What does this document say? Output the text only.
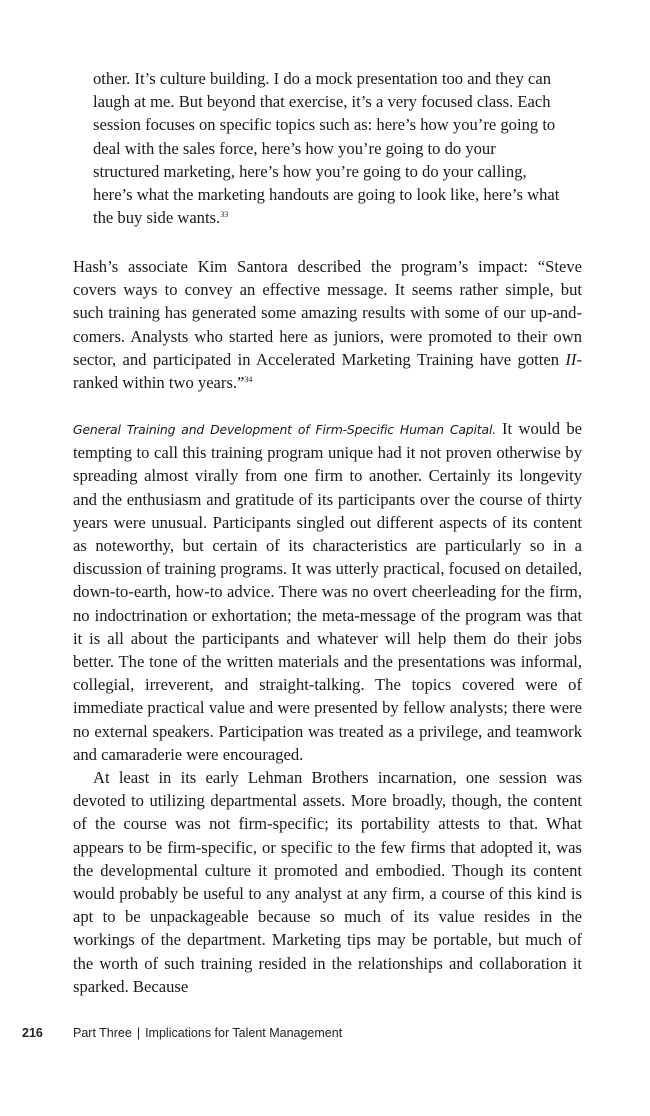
other. It’s culture building. I do a mock presentation too and they can laugh at me. But beyond that exercise, it’s a very focused class. Each session focuses on specific topics such as: here’s how you’re going to deal with the sales force, here’s how you’re going to do your structured marketing, here’s how you’re going to do your calling, here’s what the marketing handouts are going to look like, here’s what the buy side wants.$^{33}$

Hash’s associate Kim Santora described the program’s impact: “Steve covers ways to convey an effective message. It seems rather simple, but such training has generated some amazing results with some of our up-and-comers. Analysts who started here as juniors, were promoted to their own sector, and participated in Accelerated Marketing Training have gotten II-ranked within two years.”$^{34}$

General Training and Development of Firm-Specific Human Capital. It would be tempting to call this training program unique had it not proven otherwise by spreading almost virally from one firm to another. Certainly its longevity and the enthusiasm and gratitude of its participants over the course of thirty years were unusual. Participants singled out different aspects of its content as noteworthy, but certain of its characteristics are particularly so in a discussion of training programs. It was utterly practical, focused on detailed, down-to-earth, how-to advice. There was no overt cheerleading for the firm, no indoctrination or exhortation; the meta-message of the program was that it is all about the participants and whatever will help them do their jobs better. The tone of the written materials and the presentations was informal, collegial, irreverent, and straight-talking. The topics covered were of immediate practical value and were presented by fellow analysts; there were no external speakers. Participation was treated as a privilege, and teamwork and camaraderie were encouraged.

At least in its early Lehman Brothers incarnation, one session was devoted to utilizing departmental assets. More broadly, though, the content of the course was not firm-specific; its portability attests to that. What appears to be firm-specific, or specific to the few firms that adopted it, was the developmental culture it promoted and embodied. Though its content would probably be useful to any analyst at any firm, a course of this kind is apt to be unpackageable because so much of its value resides in the workings of the department. Marketing tips may be portable, but much of the worth of such training resided in the relationships and collaboration it sparked. Because

216 Part Three | Implications for Talent Management
